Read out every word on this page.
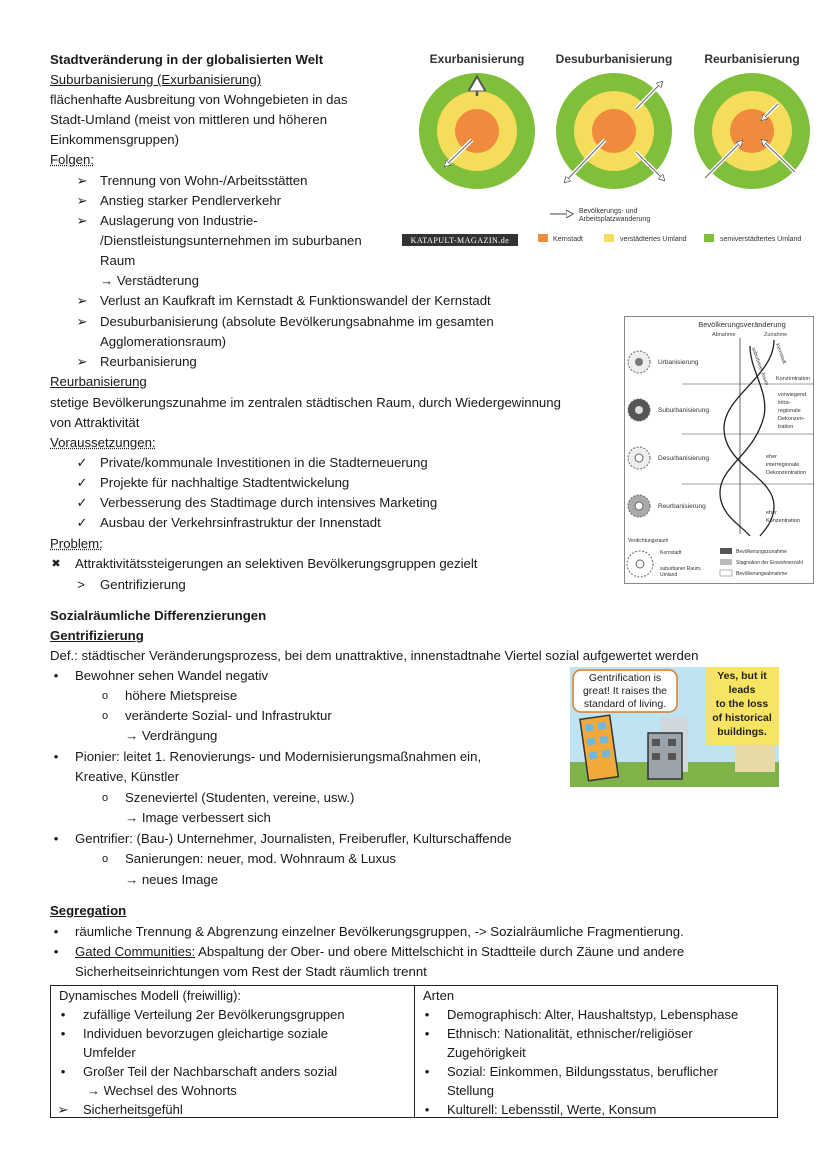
Stadtveränderung in der globalisierten Welt
Suburbanisierung (Exurbanisierung)
flächenhafte Ausbreitung von Wohngebieten in das
Stadt-Umland (meist von mittleren und höheren
Einkommensgruppen)
Folgen:
➢ Trennung von Wohn-/Arbeitsstätten
➢ Anstieg starker Pendlerverkehr
➢ Auslagerung von Industrie-
/Dienstleistungsunternehmen im suburbanen
Raum
→ Verstädterung
➢ Verlust an Kaufkraft im Kernstadt & Funktionswandel der Kernstadt
➢ Desuburbanisierung (absolute Bevölkerungsabnahme im gesamten
Agglomerationsraum)
➢ Reurbanisierung
Reurbanisierung
stetige Bevölkerungszunahme im zentralen städtischen Raum, durch Wiedergewinnung
von Attraktivität
Voraussetzungen:
✓ Private/kommunale Investitionen in die Stadterneuerung
✓ Projekte für nachhaltige Stadtentwickelung
✓ Verbesserung des Stadtimage durch intensives Marketing
✓ Ausbau der Verkehrsinfrastruktur der Innenstadt
Problem:
✖ Attraktivitätssteigerungen an selektiven Bevölkerungsgruppen gezielt
>	Gentrifizierung
Sozialräumliche Differenzierungen
Gentrifizierung
Def.: städtischer Veränderungsprozess, bei dem unattraktive, innenstadtnahe Viertel sozial aufgewertet werden
•	Bewohner sehen Wandel negativ
o	höhere Mietspreise
o	veränderte Sozial- und Infrastruktur
→ Verdrängung
•	Pionier: leitet 1. Renovierungs- und Modernisierungsmaßnahmen ein,
Kreative, Künstler
o	Szeneviertel (Studenten, vereine, usw.)
→ Image verbessert sich
•	Gentrifier: (Bau-) Unternehmer, Journalisten, Freiberufler, Kulturschaffende
o	Sanierungen: neuer, mod. Wohnraum & Luxus
→ neues Image
Segregation
•	räumliche Trennung & Abgrenzung einzelner Bevölkerungsgruppen, -> Sozialräumliche Fragmentierung.
•	Gated Communities: Abspaltung der Ober- und obere Mittelschicht in Stadtteile durch Zäune und andere
Sicherheitseinrichtungen vom Rest der Stadt räumlich trennt
Dynamisches Modell (freiwillig):
•	zufällige Verteilung 2er Bevölkerungsgruppen
•	Individuen bevorzugen gleichartige soziale
Umfelder
•	Großer Teil der Nachbarschaft anders sozial
→ Wechsel des Wohnorts
➢ Sicherheitsgefühl
Arten
•	Demographisch: Alter, Haushaltstyp, Lebensphase
•	Ethnisch: Nationalität, ethnischer/religiöser
Zugehörigkeit
•	Sozial: Einkommen, Bildungsstatus, beruflicher
Stellung
•	Kulturell: Lebensstil, Werte, Konsum
Exurbanisierung	Desuburbanisierung	Reurbanisierung
Bevölkerungs- und
Arbeitsplatzwanderung
KATAPULT-MAGAZIN.de	Kernstadt	verstädtertes Umland	semiverstädtertes Umland
Bevölkerungsveränderung
Abnahme	Zunahme
Kernstadt
suburbaner Raum
Urbanisierung
Suburbanisierung
Desurbanisierung
Reurbanisierung
Konzentration
vorwiegend
intra-
regionale
Dekonzen-
tration
eher
interregionale
Dekonzentration
eher
Konzentration
Verdichtungsraum
Kernstadt
suburbaner Raum,
Umland
Bevölkerungszunahme
Stagnation der Einwohnerzahl
Bevölkerungsabnahme
Gentrification is
great! It raises the
standard of living.
Yes, but it
leads
to the loss
of historical
buildings.
